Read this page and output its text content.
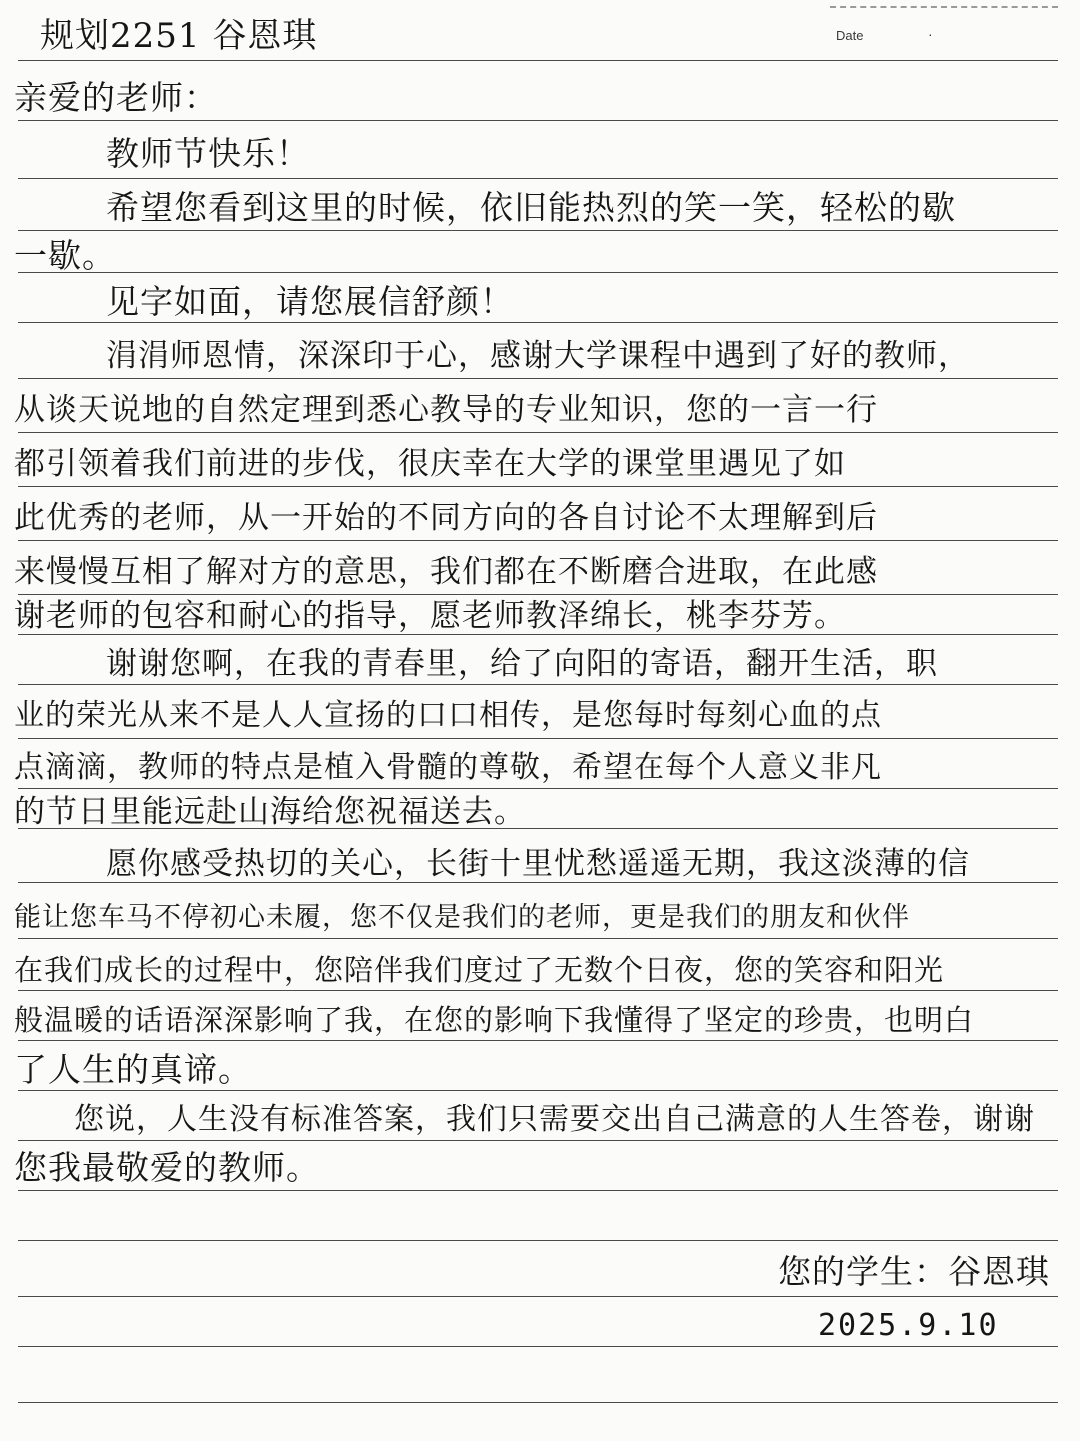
规划2251 谷恩琪	Date	·
亲爱的老师：
教师节快乐！
希望您看到这里的时候，依旧能热烈的笑一笑，轻松的歇
一歇。
见字如面，请您展信舒颜！
涓涓师恩情，深深印于心，感谢大学课程中遇到了好的教师，
从谈天说地的自然定理到悉心教导的专业知识，您的一言一行
都引领着我们前进的步伐，很庆幸在大学的课堂里遇见了如
此优秀的老师，从一开始的不同方向的各自讨论不太理解到后
来慢慢互相了解对方的意思，我们都在不断磨合进取，在此感
谢老师的包容和耐心的指导，愿老师教泽绵长，桃李芬芳。
谢谢您啊，在我的青春里，给了向阳的寄语，翻开生活，职
业的荣光从来不是人人宣扬的口口相传，是您每时每刻心血的点
点滴滴，教师的特点是植入骨髓的尊敬，希望在每个人意义非凡
的节日里能远赴山海给您祝福送去。
愿你感受热切的关心，长街十里忧愁遥遥无期，我这淡薄的信
能让您车马不停初心未履，您不仅是我们的老师，更是我们的朋友和伙伴
在我们成长的过程中，您陪伴我们度过了无数个日夜，您的笑容和阳光
般温暖的话语深深影响了我，在您的影响下我懂得了坚定的珍贵，也明白
了人生的真谛。
您说，人生没有标准答案，我们只需要交出自己满意的人生答卷，谢谢
您我最敬爱的教师。
您的学生：谷恩琪
2025.9.10
